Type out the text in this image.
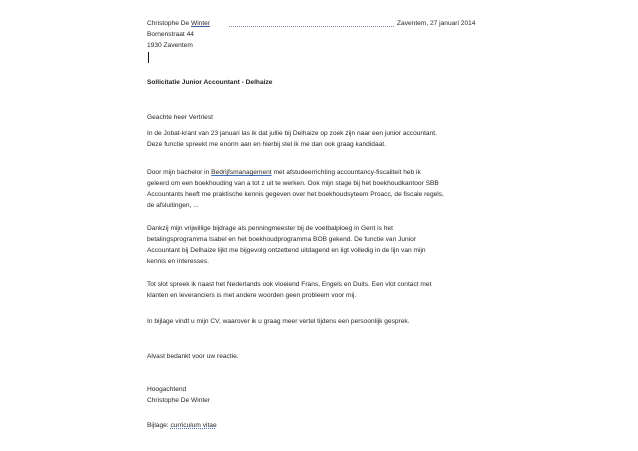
Christophe De Winter	Zaventem, 27 januari 2014
Bornenstraat 44
1930 Zaventem
Sollicitatie Junior Accountant - Delhaize
Geachte heer Vertriest
In de Jobat-krant van 23 januari las ik dat jullie bij Delhaize op zoek zijn naar een junior accountant.
Deze functie spreekt me enorm aan en hierbij stel ik me dan ook graag kandidaat.
Door mijn bachelor in Bedrijfsmanagement met afstudeerrichting accountancy-fiscaliteit heb ik
geleerd om een boekhouding van a tot z uit te werken. Ook mijn stage bij het boekhoudkantoor SBB
Accountants heeft me praktische kennis gegeven over het boekhoudsyteem Proacc, de fiscale regels,
de afsluitingen, ...
Dankzij mijn vrijwillige bijdrage als penningmeester bij de voetbalploeg in Gent is het
betalingsprogramma Isabel en het boekhoudprogramma BOB gekend. De functie van Junior
Accountant bij Delhaize lijkt me bijgevolg ontzettend uitdagend en ligt volledig in de lijn van mijn
kennis en interesses.
Tot slot spreek ik naast het Nederlands ook vloeiend Frans, Engels en Duits. Een vlot contact met
klanten en leveranciers is met andere woorden geen probleem voor mij.
In bijlage vindt u mijn CV, waarover ik u graag meer vertel tijdens een persoonlijk gesprek.
Alvast bedankt voor uw reactie.
Hoogachtend
Christophe De Winter
Bijlage: curriculum vitae
